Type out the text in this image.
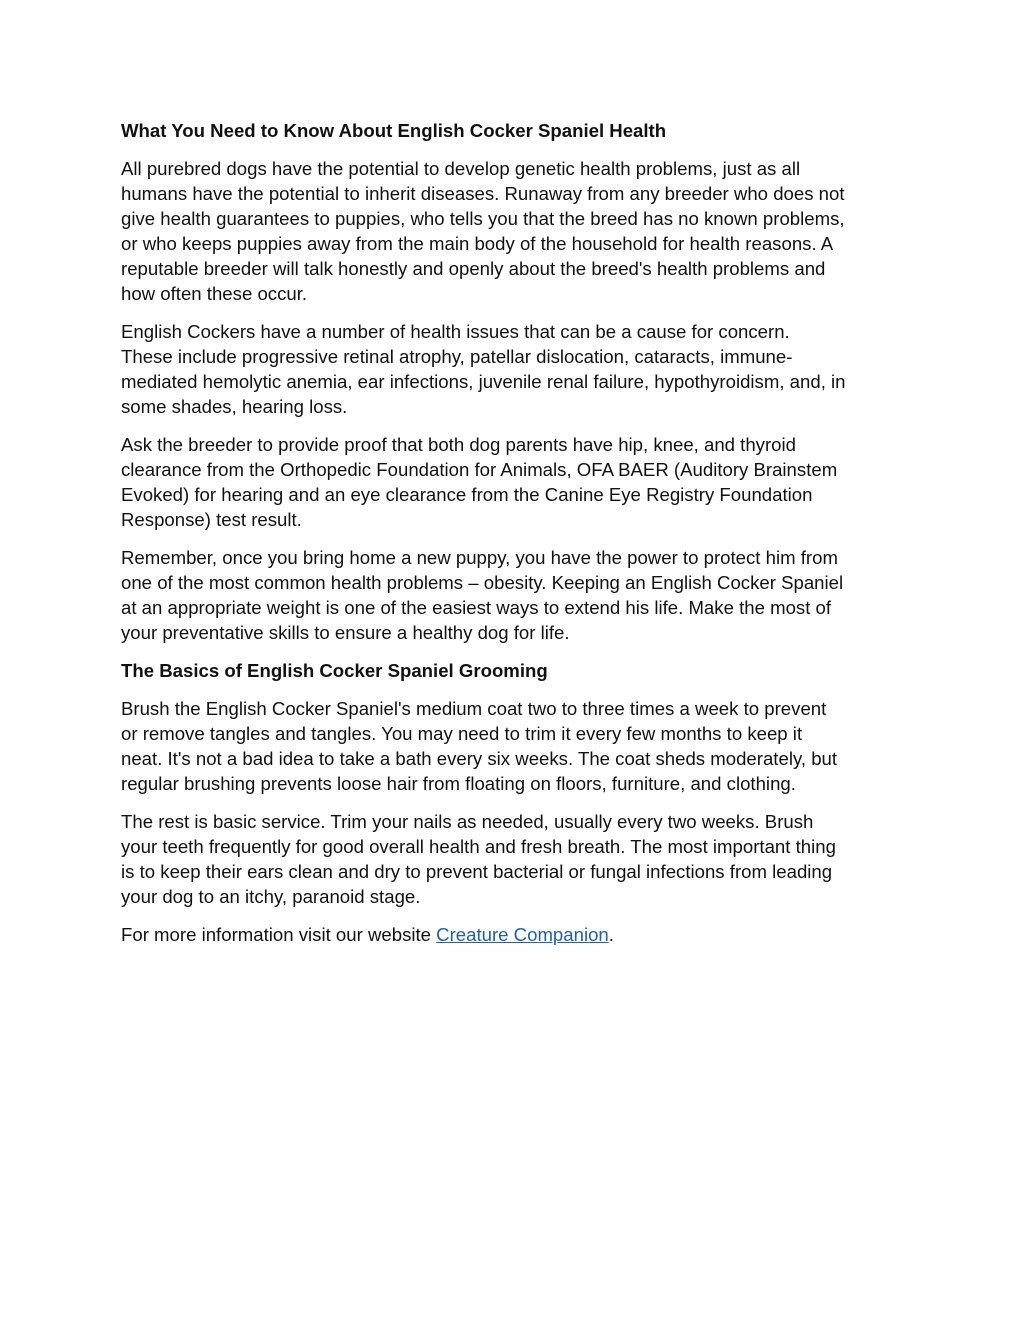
What You Need to Know About English Cocker Spaniel Health
All purebred dogs have the potential to develop genetic health problems, just as all
humans have the potential to inherit diseases. Runaway from any breeder who does not
give health guarantees to puppies, who tells you that the breed has no known problems,
or who keeps puppies away from the main body of the household for health reasons. A
reputable breeder will talk honestly and openly about the breed's health problems and
how often these occur.
English Cockers have a number of health issues that can be a cause for concern.
These include progressive retinal atrophy, patellar dislocation, cataracts, immune-
mediated hemolytic anemia, ear infections, juvenile renal failure, hypothyroidism, and, in
some shades, hearing loss.
Ask the breeder to provide proof that both dog parents have hip, knee, and thyroid
clearance from the Orthopedic Foundation for Animals, OFA BAER (Auditory Brainstem
Evoked) for hearing and an eye clearance from the Canine Eye Registry Foundation
Response) test result.
Remember, once you bring home a new puppy, you have the power to protect him from
one of the most common health problems – obesity. Keeping an English Cocker Spaniel
at an appropriate weight is one of the easiest ways to extend his life. Make the most of
your preventative skills to ensure a healthy dog for life.
The Basics of English Cocker Spaniel Grooming
Brush the English Cocker Spaniel's medium coat two to three times a week to prevent
or remove tangles and tangles. You may need to trim it every few months to keep it
neat. It's not a bad idea to take a bath every six weeks. The coat sheds moderately, but
regular brushing prevents loose hair from floating on floors, furniture, and clothing.
The rest is basic service. Trim your nails as needed, usually every two weeks. Brush
your teeth frequently for good overall health and fresh breath. The most important thing
is to keep their ears clean and dry to prevent bacterial or fungal infections from leading
your dog to an itchy, paranoid stage.
For more information visit our website Creature Companion.
